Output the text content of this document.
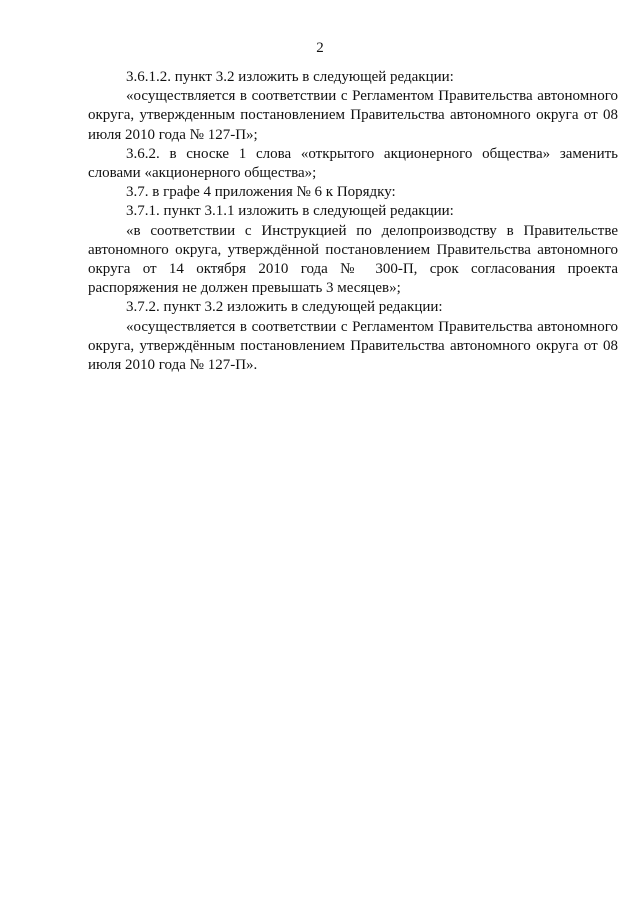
2

3.6.1.2. пункт 3.2 изложить в следующей редакции:

«осуществляется в соответствии с Регламентом Правительства автономного округа, утвержденным постановлением Правительства автономного округа от 08 июля 2010 года № 127-П»;

3.6.2. в сноске 1 слова «открытого акционерного общества» заменить словами «акционерного общества»;

3.7. в графе 4 приложения № 6 к Порядку:

3.7.1. пункт 3.1.1 изложить в следующей редакции:

«в соответствии с Инструкцией по делопроизводству в Правительстве автономного округа, утверждённой постановлением Правительства автономного округа от 14 октября 2010 года № 300-П, срок согласования проекта распоряжения не должен превышать 3 месяцев»;

3.7.2. пункт 3.2 изложить в следующей редакции:

«осуществляется в соответствии с Регламентом Правительства автономного округа, утверждённым постановлением Правительства автономного округа от 08 июля 2010 года № 127-П».
